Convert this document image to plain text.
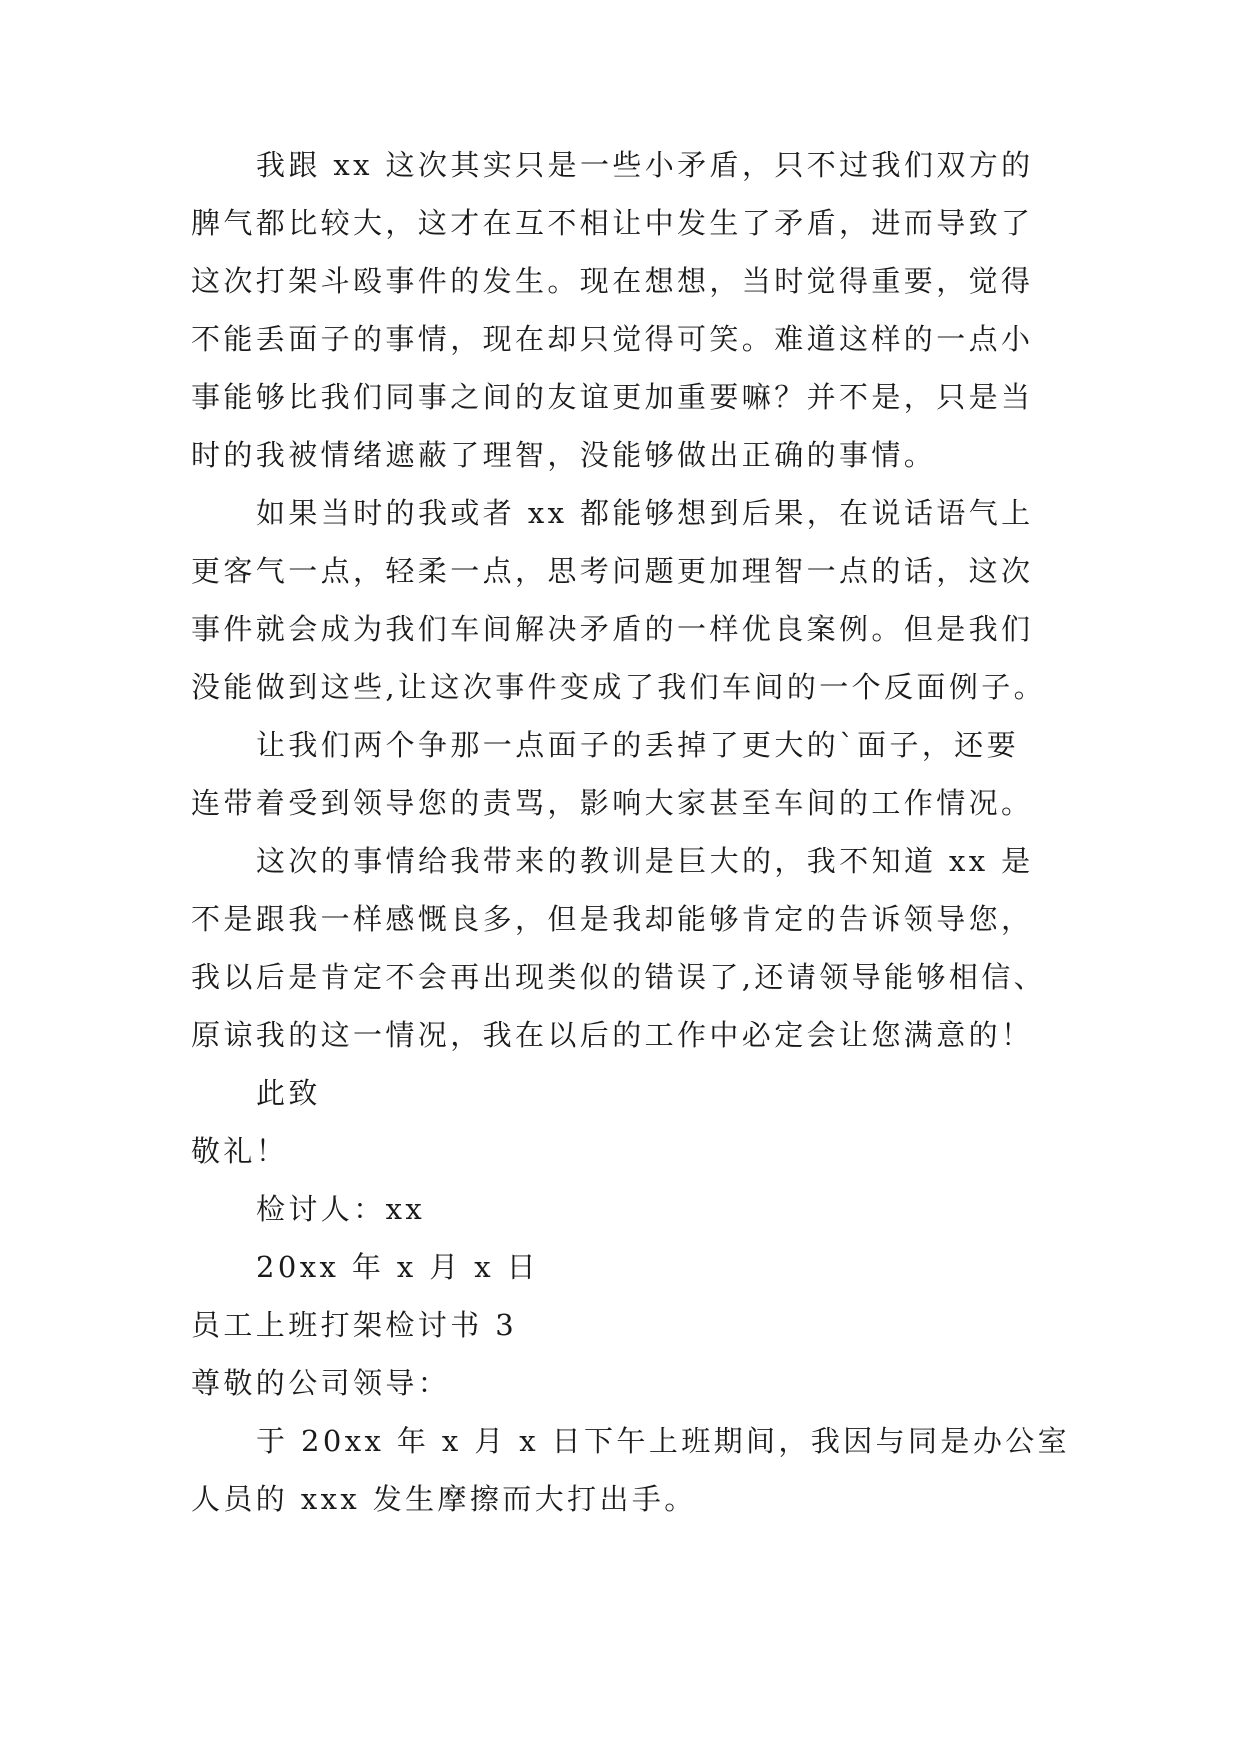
我跟 xx 这次其实只是一些小矛盾，只不过我们双方的
脾气都比较大，这才在互不相让中发生了矛盾，进而导致了
这次打架斗殴事件的发生。现在想想，当时觉得重要，觉得
不能丢面子的事情，现在却只觉得可笑。难道这样的一点小
事能够比我们同事之间的友谊更加重要嘛？并不是，只是当
时的我被情绪遮蔽了理智，没能够做出正确的事情。
如果当时的我或者 xx 都能够想到后果，在说话语气上
更客气一点，轻柔一点，思考问题更加理智一点的话，这次
事件就会成为我们车间解决矛盾的一样优良案例。但是我们
没能做到这些,让这次事件变成了我们车间的一个反面例子。
让我们两个争那一点面子的丢掉了更大的`面子，还要
连带着受到领导您的责骂，影响大家甚至车间的工作情况。
这次的事情给我带来的教训是巨大的，我不知道 xx 是
不是跟我一样感慨良多，但是我却能够肯定的告诉领导您，
我以后是肯定不会再出现类似的错误了,还请领导能够相信、
原谅我的这一情况，我在以后的工作中必定会让您满意的！
此致
敬礼！
检讨人：xx
20xx 年 x 月 x 日
员工上班打架检讨书 3
尊敬的公司领导：
于 20xx 年 x 月 x 日下午上班期间，我因与同是办公室
人员的 xxx 发生摩擦而大打出手。
